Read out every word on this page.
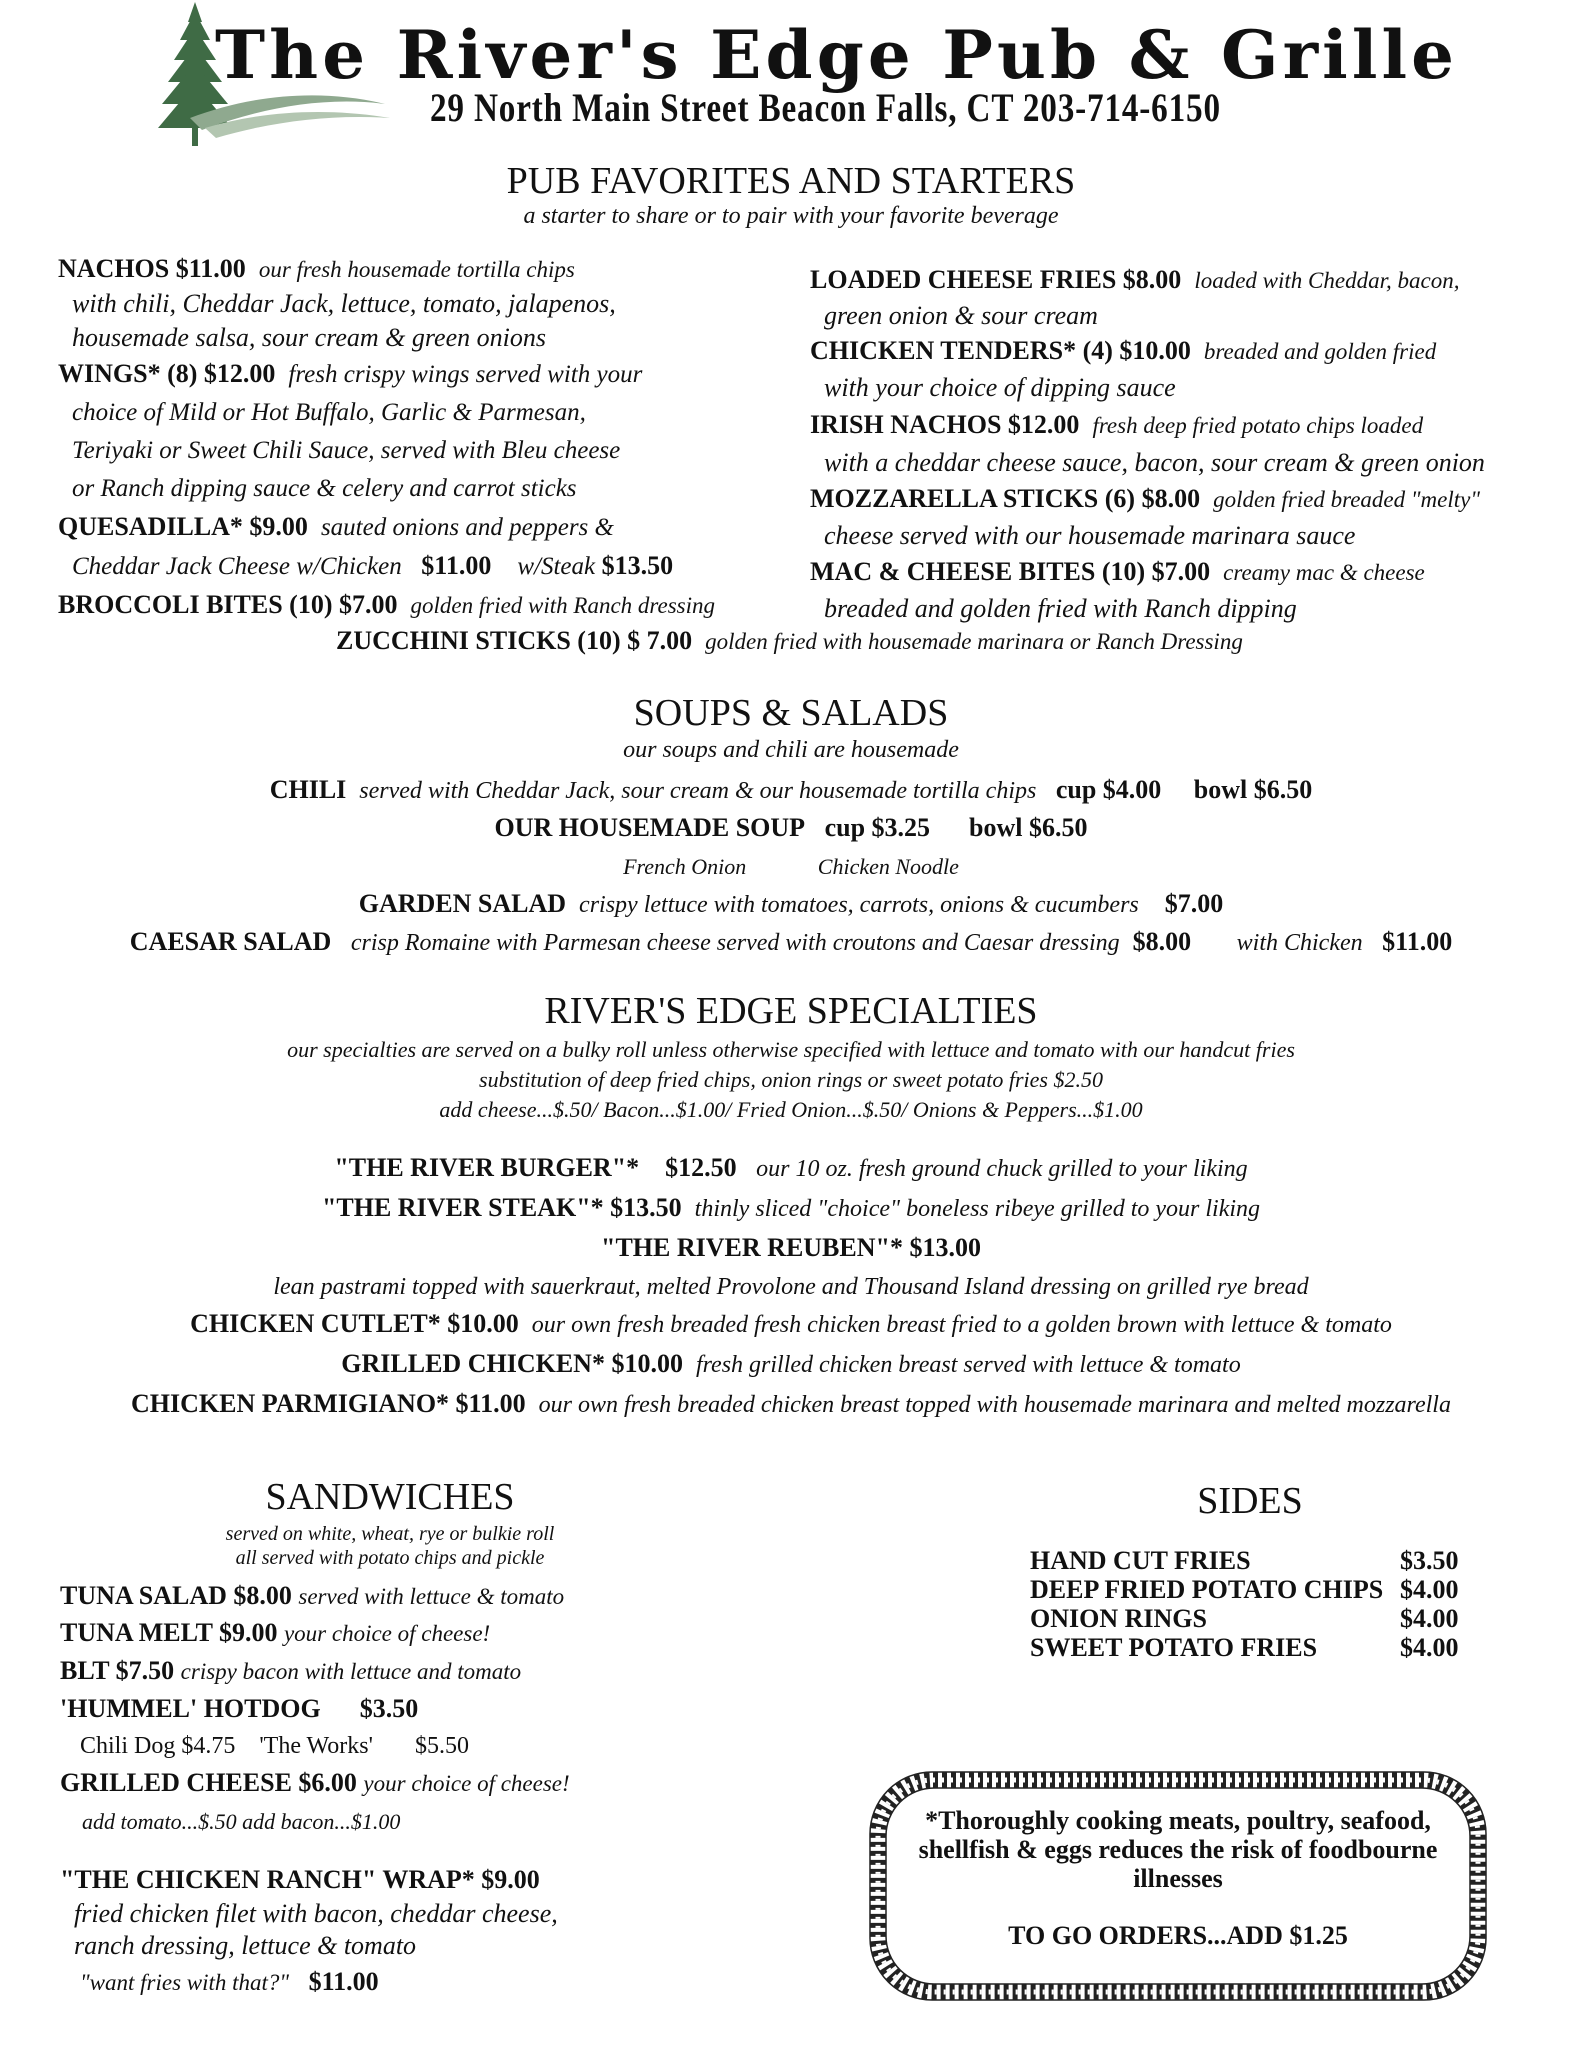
The River's Edge Pub & Grille
29 North Main Street Beacon Falls, CT 203-714-6150
PUB FAVORITES AND STARTERS
a starter to share or to pair with your favorite beverage
NACHOS $11.00 our fresh housemade tortilla chips
with chili, Cheddar Jack, lettuce, tomato, jalapenos,
housemade salsa, sour cream & green onions
WINGS* (8) $12.00 fresh crispy wings served with your
choice of Mild or Hot Buffalo, Garlic & Parmesan,
Teriyaki or Sweet Chili Sauce, served with Bleu cheese
or Ranch dipping sauce & celery and carrot sticks
QUESADILLA* $9.00 sauted onions and peppers &
Cheddar Jack Cheese w/Chicken $11.00 w/Steak $13.50
BROCCOLI BITES (10) $7.00 golden fried with Ranch dressing
LOADED CHEESE FRIES $8.00 loaded with Cheddar, bacon,
green onion & sour cream
CHICKEN TENDERS* (4) $10.00 breaded and golden fried
with your choice of dipping sauce
IRISH NACHOS $12.00 fresh deep fried potato chips loaded
with a cheddar cheese sauce, bacon, sour cream & green onion
MOZZARELLA STICKS (6) $8.00 golden fried breaded "melty"
cheese served with our housemade marinara sauce
MAC & CHEESE BITES (10) $7.00 creamy mac & cheese
breaded and golden fried with Ranch dipping
ZUCCHINI STICKS (10) $ 7.00 golden fried with housemade marinara or Ranch Dressing
SOUPS & SALADS
our soups and chili are housemade
CHILI served with Cheddar Jack, sour cream & our housemade tortilla chips cup $4.00 bowl $6.50
OUR HOUSEMADE SOUP cup $3.25 bowl $6.50
French Onion	Chicken Noodle
GARDEN SALAD crispy lettuce with tomatoes, carrots, onions & cucumbers $7.00
CAESAR SALAD crisp Romaine with Parmesan cheese served with croutons and Caesar dressing $8.00 with Chicken $11.00
RIVER'S EDGE SPECIALTIES
our specialties are served on a bulky roll unless otherwise specified with lettuce and tomato with our handcut fries
substitution of deep fried chips, onion rings or sweet potato fries $2.50
add cheese...$.50/ Bacon...$1.00/ Fried Onion...$.50/ Onions & Peppers...$1.00
"THE RIVER BURGER"* $12.50 our 10 oz. fresh ground chuck grilled to your liking
"THE RIVER STEAK"* $13.50 thinly sliced "choice" boneless ribeye grilled to your liking
"THE RIVER REUBEN"* $13.00
lean pastrami topped with sauerkraut, melted Provolone and Thousand Island dressing on grilled rye bread
CHICKEN CUTLET* $10.00 our own fresh breaded fresh chicken breast fried to a golden brown with lettuce & tomato
GRILLED CHICKEN* $10.00 fresh grilled chicken breast served with lettuce & tomato
CHICKEN PARMIGIANO* $11.00 our own fresh breaded chicken breast topped with housemade marinara and melted mozzarella
SANDWICHES
served on white, wheat, rye or bulkie roll
all served with potato chips and pickle
TUNA SALAD $8.00 served with lettuce & tomato
TUNA MELT $9.00 your choice of cheese!
BLT $7.50 crispy bacon with lettuce and tomato
'HUMMEL' HOTDOG $3.50
Chili Dog $4.75 'The Works' $5.50
GRILLED CHEESE $6.00 your choice of cheese!
add tomato...$.50 add bacon...$1.00
"THE CHICKEN RANCH" WRAP* $9.00
fried chicken filet with bacon, cheddar cheese,
ranch dressing, lettuce & tomato
"want fries with that?" $11.00
SIDES
HAND CUT FRIES	$3.50
DEEP FRIED POTATO CHIPS $4.00
ONION RINGS	$4.00
SWEET POTATO FRIES	$4.00
*Thoroughly cooking meats, poultry, seafood,
shellfish & eggs reduces the risk of foodbourne
illnesses
TO GO ORDERS...ADD $1.25
